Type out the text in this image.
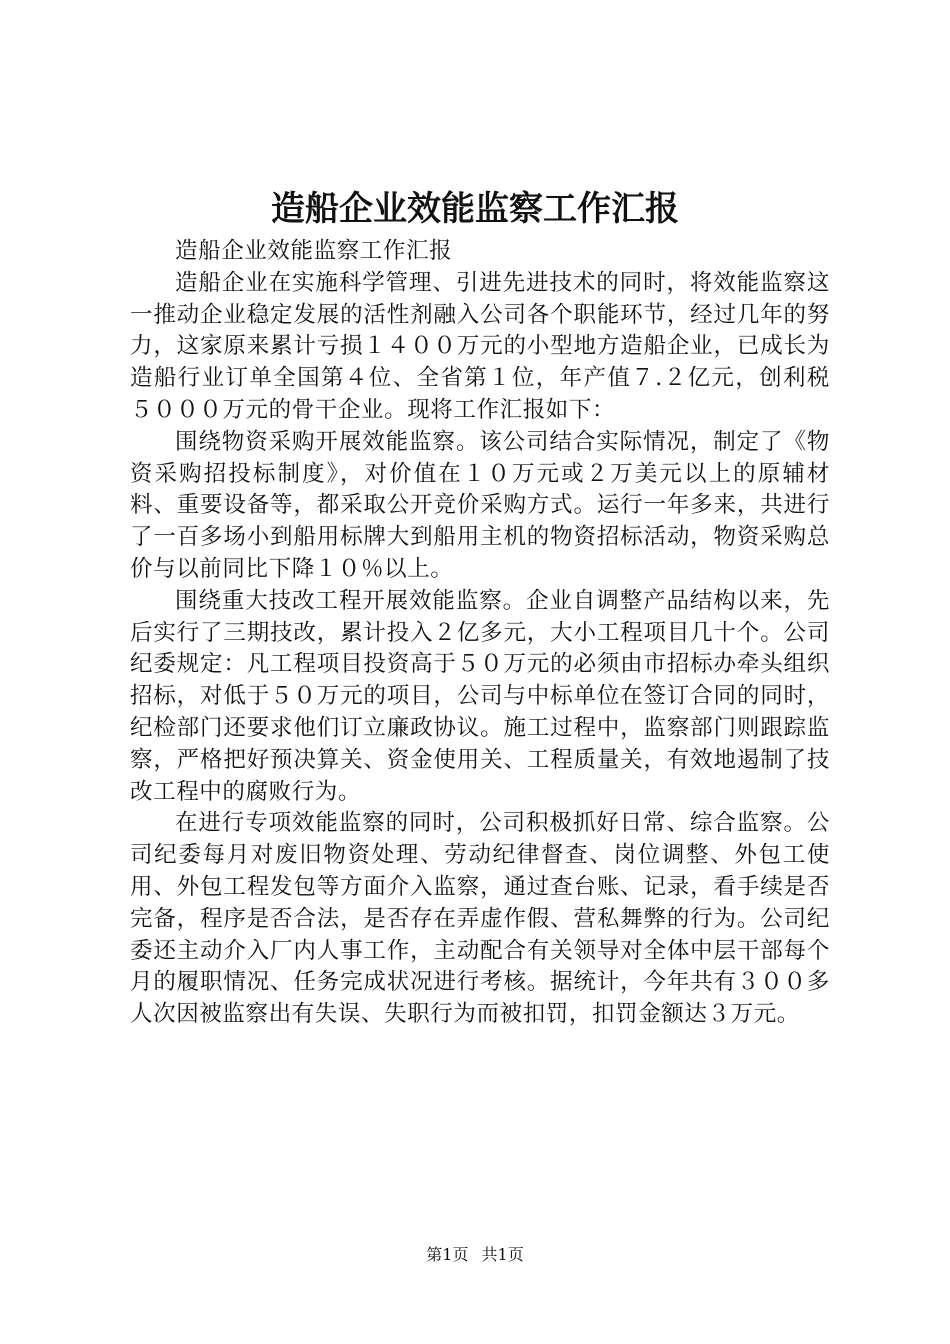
造船企业效能监察工作汇报

造船企业效能监察工作汇报

造船企业在实施科学管理、引进先进技术的同时，将效能监察这一推动企业稳定发展的活性剂融入公司各个职能环节，经过几年的努力，这家原来累计亏损１４００万元的小型地方造船企业，已成长为造船行业订单全国第４位、全省第１位，年产值７.２亿元，创利税５０００万元的骨干企业。现将工作汇报如下：

围绕物资采购开展效能监察。该公司结合实际情况，制定了《物资采购招投标制度》，对价值在１０万元或２万美元以上的原辅材料、重要设备等，都采取公开竞价采购方式。运行一年多来，共进行了一百多场小到船用标牌大到船用主机的物资招标活动，物资采购总价与以前同比下降１０％以上。

围绕重大技改工程开展效能监察。企业自调整产品结构以来，先后实行了三期技改，累计投入２亿多元，大小工程项目几十个。公司纪委规定：凡工程项目投资高于５０万元的必须由市招标办牵头组织招标，对低于５０万元的项目，公司与中标单位在签订合同的同时，纪检部门还要求他们订立廉政协议。施工过程中，监察部门则跟踪监察，严格把好预决算关、资金使用关、工程质量关，有效地遏制了技改工程中的腐败行为。

在进行专项效能监察的同时，公司积极抓好日常、综合监察。公司纪委每月对废旧物资处理、劳动纪律督查、岗位调整、外包工使用、外包工程发包等方面介入监察，通过查台账、记录，看手续是否完备，程序是否合法，是否存在弄虚作假、营私舞弊的行为。公司纪委还主动介入厂内人事工作，主动配合有关领导对全体中层干部每个月的履职情况、任务完成状况进行考核。据统计，今年共有３００多人次因被监察出有失误、失职行为而被扣罚，扣罚金额达３万元。

第1页 共1页
